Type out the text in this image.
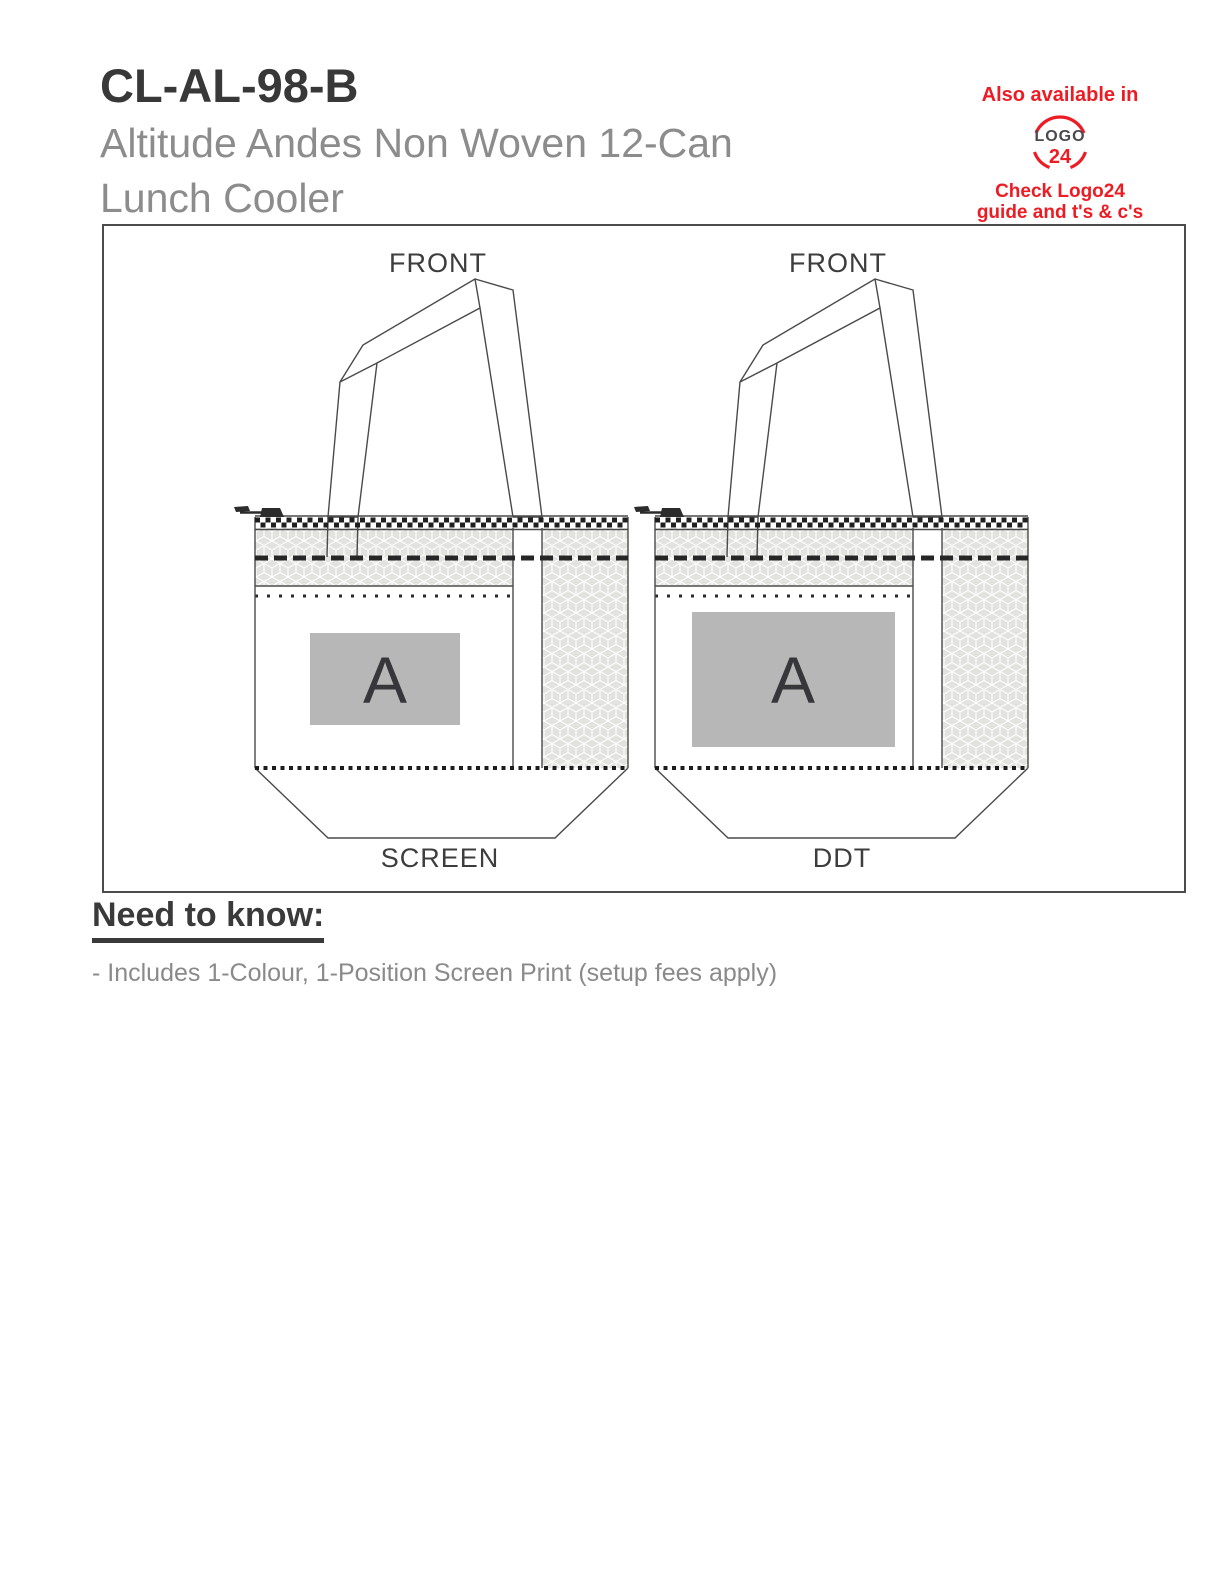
CL-AL-98-B
Altitude Andes Non Woven 12-Can
Lunch Cooler
Also available in
LOGO
24
Check Logo24
guide and t's & c's
FRONT
A
SCREEN
FRONT
A
DDT
Need to know:

- Includes 1-Colour, 1-Position Screen Print (setup fees apply)
